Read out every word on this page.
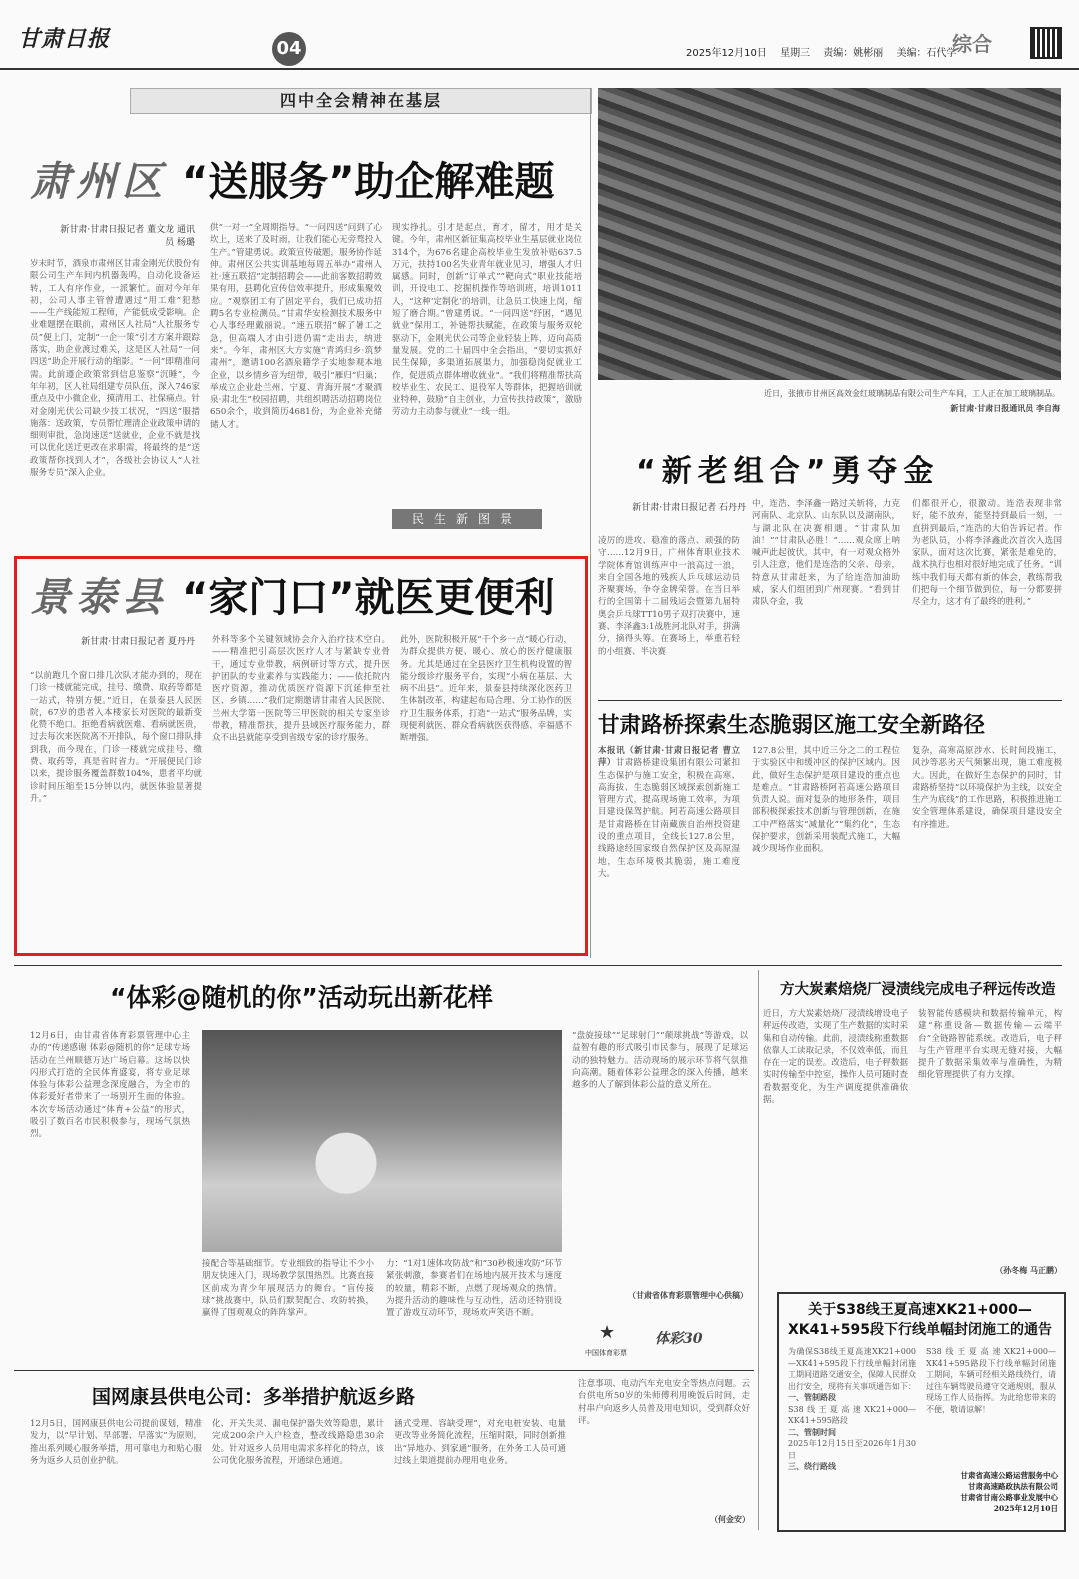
甘肃日报	04	2025年12月10日 星期三 责编：姚彬丽 美编：石代学
综合
四中全会精神在基层
肃州区 “送服务”助企解难题
新甘肃·甘肃日报记者 董文龙 通讯员 杨璐
岁末时节，酒泉市肃州区甘肃金刚光伏股份有限公司生产车间内机器轰鸣，自动化设备运转，工人有序作业，一派繁忙。面对今年年初，公司人事主管曾遭遇过“用工难”犯愁——生产线能短工程师，产能低成受影响。企业难题摆在眼前，肃州区人社局“人社服务专员”便上门，定制“一企一策”引才方案并跟踪落实，助企业渡过难关，这是区人社局“一问四送”助企开展行动的缩影。“一问”即精准问需。此前遵企政策常到信息鉴察“沉睡”，今年年初，区人社局组建专员队伍，深入746家重点及中小微企业，摸清用工、社保痛点。针对金刚光伏公司缺少技工状况，“四送”服措施落：送政策，专员帮忙理清企业政策申请的细则审批，急岗速送“送就业，企业不就是找可以优化送迁更改在求职需，将最终的是“送政策帮你找到人才”，各级社会协议人“人社服务专员”深入企业。
供“一对一”全周期指导。“一问四送”问到了心坎上，送来了及时雨，让我们能心无旁骛投入生产。”管建勇说。政策宣传破题，服务协作延伸。肃州区公共实训基地每周五举办“肃州人社·速五联招”定制招聘会——此前客数招聘效果有用，县聘化宣传信效率提升，形成集聚效应。“观察团工有了固定平台，我们已成功招聘5名专业检测员。”甘肃华安检测技术服务中心人事经理戴丽说。“速五联招”解了暑工之急，但高端人才由引进仍需“走出去，纳进来”。今年，肃州区大方实施“青鸿归乡·筑梦肃州”，邀请100名酒泉籍学子实地参观本地企业，以乡情乡音为纽带，吸引“雁归”归巢；举成立企业赴兰州、宁夏、青海开展“才聚酒泉·肃北生”校园招聘，共组织聘活动招聘岗位650余个，收到简历4681份，为企业补充储储人才。
现实挣扎。引才是起点，育才，留才，用才是关键。今年，肃州区新征集高校毕业生基层就业岗位314个，为676名建企高校毕业生发放补贴637.5万元，扶持100名失业青年就业见习，增强人才归属感。同时，创新“订单式”“靶向式”职业技能培训，开设电工、挖掘机操作等培训班，培训1011人，“这种‘定制化’的培训，让急员工快速上岗，缩短了磨合期。”曾建勇说。“一问四送”纾困，“遇见就业”保用工，补链帮扶赋能，在政策与服务双轮驱动下，金刚光伏公司等企业轻装上阵，迈向高质量发展。党的二十届四中全会指出，“要切实抓好民生保障，多渠道拓展渠力，加强稳岗促就业工作，促进质点群体增收就业”。“我们将精准帮扶高校毕业生、农民工、退役军人等群体，把握培训就业特种，鼓励“自主创业，力宣传扶持政策”，激励劳动力主动参与就业”一线一组。
民生新图景
近日，张掖市甘州区高效金红玻璃制品有限公司生产车间，工人正在加工玻璃制品。
新甘肃·甘肃日报通讯员 李自海
“新老组合”勇夺金
新甘肃·甘肃日报记者 石丹丹
凌厉的进攻、稳准的落点、顽强的防守……12月9日，广州体育职业技术学院体育馆训练声中一浪高过一浪，来自全国各地的残疾人乒乓球运动员齐聚赛场，争夺金牌荣誉。在当日举行的全国第十二届残运会暨第九届特奥会乒乓球TT10男子双打决赛中，速赛、李泽鑫3:1战胜河北队对手，拼满分，摘得头筹。在赛场上，举重若轻的小组赛、半决赛
中，连浩、李泽鑫一路过关斩将，力克河南队、北京队、山东队以及湖南队，与湖北队在决赛相遇。“甘肃队加油！”“甘肃队必胜！”……观众席上呐喊声此起彼伏。其中，有一对观众格外引人注意，他们是连浩的父亲、母亲，特意从甘肃赶来，为了给连浩加油助威，家人们组团到广州现赛。“看到甘肃队夺金，我
们都很开心，很激动。连浩表现非常好，能不放弃，能坚持到最后一刻，一直拼到最后，”连浩的大伯告诉记者。作为老队员，小将李泽鑫此次首次入选国家队，面对这次比赛，紧张是难免的，战术执行也相对很好地完成了任务。“训练中我们每天都有新的体会，教练帮我们把每一个细节做到位，每一分都要拼尽全力，这才有了最终的胜利。”
景泰县 “家门口”就医更便利
新甘肃·甘肃日报记者 夏丹丹
“以前跑几个窗口排几次队才能办到的，现在门诊一楼就能完成，挂号、缴费、取药等都是一站式，特别方便。”近日，在景泰县人民医院，67岁的患者入本楼家长对医院的最新变化赞不绝口。拒绝看病就医难、看病就医贵，过去每次来医院离不开排队，每个窗口排队排到我，而今现在，门诊一楼就完成挂号、缴费、取药等，真是省时省力。“开展便民门诊以来，提诊服务覆盖群数104%，患者平均就诊时间压缩至15分钟以内，就医体验显著提升。”
外科等多个关键领域协会介入治疗技术空白。——精准把引高层次医疗人才与紧缺专业骨干，通过专业带教，病例研讨等方式，提升医护团队的专业素养与实践能力；——依托院内医疗资源，推动优质医疗资源下沉延伸至社区、乡镇……“我们定期邀请甘肃省人民医院、兰州大学第一医院等三甲医院的相关专家坐诊带教，精准帮扶，提升县域医疗服务能力，群众不出县就能享受到省级专家的诊疗服务。
此外，医院积极开展“千个乡一点”暖心行动，为群众提供方便、暖心、放心的医疗健康服务。尤其是通过在全县医疗卫生机构设置的智能分级诊疗服务平台，实现“小病在基层、大病不出县”。近年来，景泰县持续深化医药卫生体制改革，构建起布局合理、分工协作的医疗卫生服务体系，打造“一站式”服务品牌，实现便利就医、群众看病就医获得感、幸福感不断增强。
甘肃路桥探索生态脆弱区施工安全新路径
本报讯（新甘肃·甘肃日报记者 曹立萍）甘肃路桥建设集团有限公司紧扣生态保护与施工安全，积极在高寒、高海拔、生态脆弱区域探索创新施工管理方式，提高现场施工效率，为项目建设保驾护航。阿若高速公路项目是甘肃路桥在甘南藏族自治州投资建设的重点项目，全线长127.8公里，线路途经国家级自然保护区及高原湿地，生态环境极其脆弱，施工难度大。
127.8公里，其中近三分之二的工程位于实验区中和缓冲区的保护区域内。因此，做好生态保护是项目建设的重点也是难点。“甘肃路桥阿若高速公路项目负责人说。面对复杂的地形条件，项目部积极探索技术创新与管理创新，在施工中严格落实“减量化”“集约化”，生态保护要求，创新采用装配式施工，大幅减少现场作业面积。
复杂，高寒高原涉水、长时间段施工，风沙等恶劣天气频繁出现，施工难度极大。因此，在做好生态保护的同时，甘肃路桥坚持“以环境保护为主线，以安全生产为底线”的工作思路，积极推进施工安全管理体系建设，确保项目建设安全有序推进。
“体彩@随机的你”活动玩出新花样
12月6日，由甘肃省体育彩票管理中心主办的“传递感谢 体彩@随机的你”足球专场活动在兰州顺德万达广场启幕。这场以快闪形式打造的全民体育盛宴，将专业足球体验与体彩公益理念深度融合，为全市的体彩爱好者带来了一场别开生面的体验。本次专场活动通过“体育+公益”的形式，吸引了数百名市民积极参与，现场气氛热烈。
接配合等基础细节。专业细致的指导让不少小朋友快速入门，现场教学氛围热烈。比赛直接区前成为青少年展现活力的舞台。“盲传接球”挑战赛中，队员们默契配合、攻防转换，赢得了围观观众的阵阵掌声。
力：“1对1速体攻防战”和“30秒极速攻防”环节紧张刺激，参赛者们在场地内展开技术与速度的较量，精彩不断，点燃了现场观众的热情。为提升活动的趣味性与互动性，活动还特别设置了游戏互动环节，现场欢声笑语不断。
“盘旋接球”“足球射门”“颠球挑战”等游戏，以益智有趣的形式吸引市民参与，展现了足球运动的独特魅力。活动现场的展示环节将气氛推向高潮。随着体彩公益理念的深入传播，越来越多的人了解到体彩公益的意义所在。
（甘肃省体育彩票管理中心供稿）
★
中国体育彩票
体彩30
方大炭素焙烧厂浸渍线完成电子秤远传改造
近日，方大炭素焙烧厂浸渍线增设电子秤远传改造，实现了生产数据的实时采集和自动传输。此前，浸渍线称重数据依靠人工读取记录，不仅效率低，而且存在一定的误差。改造后，电子秤数据实时传输至中控室，操作人员可随时查看数据变化，为生产调度提供准确依据。
装智能传感模块和数据传输单元，构建“称重设备—数据传输—云端平台”全链路智能系统。改造后，电子秤与生产管理平台实现无缝对接，大幅提升了数据采集效率与准确性，为精细化管理提供了有力支撑。
（孙冬梅 马正鹏）
国网康县供电公司：多举措护航返乡路
12月5日，国网康县供电公司提前谋划，精准发力，以“早计划、早部署、早落实”为原则，推出系列暖心服务举措，用可靠电力和贴心服务为返乡人员创业护航。
化、开关失灵、漏电保护器失效等隐患，累计完成200余户入户检查，整改线路隐患30余处。针对返乡人员用电需求多样化的特点，该公司优化服务流程，开通绿色通道。
涵式受理、容缺受理”，对充电桩安装、电量更改等业务简化流程，压缩时限，同时创新推出“异地办、到家通”服务，在外务工人员可通过线上渠道提前办理用电业务。
注意事项、电动汽车充电安全等热点问题。云台供电所50岁的朱师傅利用晚饭后时间，走村串户向返乡人员普及用电知识，受到群众好评。
（何金安）
关于S38线王夏高速XK21+000—XK41+595段下行线单幅封闭施工的通告
为确保S38线王夏高速XK21+000—XK41+595段下行线单幅封闭施工期间道路交通安全，保障人民群众出行安全，现将有关事项通告如下：
一、管制路段
S38线王夏高速XK21+000—XK41+595路段
二、管制时间
2025年12月15日至2026年1月30日
三、绕行路线
S38线王夏高速XK21+000—XK41+595路段下行线单幅封闭施工期间，车辆可经相关路线绕行，请过往车辆驾驶员遵守交通规则，服从现场工作人员指挥。为此给您带来的不便，敬请谅解！
甘肃省高速公路运营服务中心
甘肃高速路政执法有限公司
甘肃省甘南公路事业发展中心
2025年12月10日
